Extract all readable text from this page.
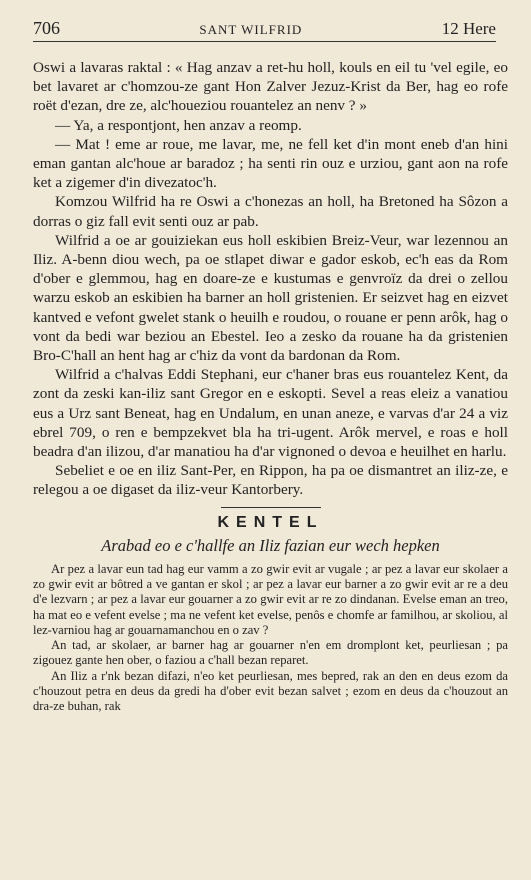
706	SANT WILFRID	12 Here

Oswi a lavaras raktal : « Hag anzav a ret-hu holl, kouls en eil tu 'vel egile, eo bet lavaret ar c'homzou-ze gant Hon Zalver Jezuz-Krist da Ber, hag eo rofe roët d'ezan, dre ze, alc'houeziou rouantelez an nenv ? »

— Ya, a respontjont, hen anzav a reomp.

— Mat ! eme ar roue, me lavar, me, ne fell ket d'in mont eneb d'an hini eman gantan alc'houe ar baradoz ; ha senti rin ouz e urziou, gant aon na rofe ket a zigemer d'in divezatoc'h.

Komzou Wilfrid ha re Oswi a c'honezas an holl, ha Bretoned ha Sôzon a dorras o giz fall evit senti ouz ar pab.

Wilfrid a oe ar gouiziekan eus holl eskibien Breiz-Veur, war lezennou an Iliz. A-benn diou wech, pa oe stlapet diwar e gador eskob, ec'h eas da Rom d'ober e glemmou, hag en doare-ze e kustumas e genvroïz da drei o zellou warzu eskob an eskibien ha barner an holl gristenien. Er seizvet hag en eizvet kantved e vefont gwelet stank o heuilh e roudou, o rouane er penn arôk, hag o vont da bedi war beziou an Ebestel. Ieo a zesko da rouane ha da gristenien Bro-C'hall an hent hag ar c'hiz da vont da bardonan da Rom.

Wilfrid a c'halvas Eddi Stephani, eur c'haner bras eus rouantelez Kent, da zont da zeski kan-iliz sant Gregor en e eskopti. Sevel a reas eleiz a vanatiou eus a Urz sant Beneat, hag en Undalum, en unan aneze, e varvas d'ar 24 a viz ebrel 709, o ren e bempzekvet bla ha tri-ugent. Arôk mervel, e roas e holl beadra d'an ilizou, d'ar manatiou ha d'ar vignoned o devoa e heuilhet en harlu.

Sebeliet e oe en iliz Sant-Per, en Rippon, ha pa oe dismantret an iliz-ze, e relegou a oe digaset da iliz-veur Kantorbery.

KENTEL
Arabad eo e c'hallfe an Iliz fazian eur wech hepken

Ar pez a lavar eun tad hag eur vamm a zo gwir evit ar vugale ; ar pez a lavar eur skolaer a zo gwir evit ar bôtred a ve gantan er skol ; ar pez a lavar eur barner a zo gwir evit ar re a deu d'e lezvarn ; ar pez a lavar eur gouarner a zo gwir evit ar re zo dindanan. Evelse eman an treo, ha mat eo e vefent evelse ; ma ne vefent ket evelse, penôs e chomfe ar familhou, ar skoliou, al lez-varniou hag ar gouarnamanchou en o zav ?

An tad, ar skolaer, ar barner hag ar gouarner n'en em dromplont ket, peurliesan ; pa zigouez gante hen ober, o faziou a c'hall bezan reparet.

An Iliz a r'nk bezan difazi, n'eo ket peurliesan, mes bepred, rak an den en deus ezom da c'houzout petra en deus da gredi ha d'ober evit bezan salvet ; ezom en deus da c'houzout an dra-ze buhan, rak
